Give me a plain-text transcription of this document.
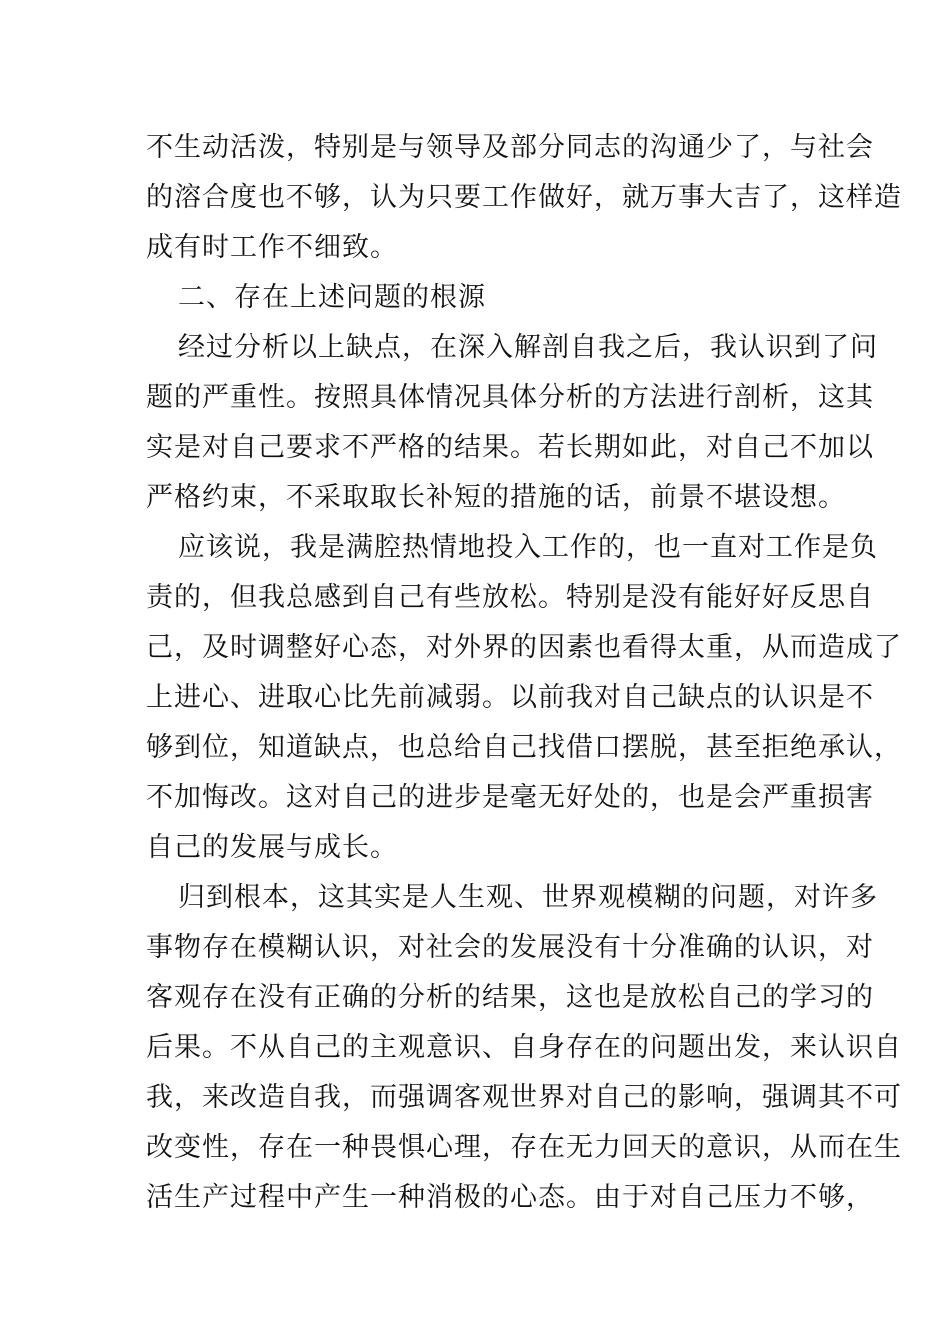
不生动活泼，特别是与领导及部分同志的沟通少了，与社会
的溶合度也不够，认为只要工作做好，就万事大吉了，这样造
成有时工作不细致。
二、存在上述问题的根源
经过分析以上缺点，在深入解剖自我之后，我认识到了问
题的严重性。按照具体情况具体分析的方法进行剖析，这其
实是对自己要求不严格的结果。若长期如此，对自己不加以
严格约束，不采取取长补短的措施的话，前景不堪设想。
应该说，我是满腔热情地投入工作的，也一直对工作是负
责的，但我总感到自己有些放松。特别是没有能好好反思自
己，及时调整好心态，对外界的因素也看得太重，从而造成了
上进心、进取心比先前减弱。以前我对自己缺点的认识是不
够到位，知道缺点，也总给自己找借口摆脱，甚至拒绝承认，
不加悔改。这对自己的进步是毫无好处的，也是会严重损害
自己的发展与成长。
归到根本，这其实是人生观、世界观模糊的问题，对许多
事物存在模糊认识，对社会的发展没有十分准确的认识，对
客观存在没有正确的分析的结果，这也是放松自己的学习的
后果。不从自己的主观意识、自身存在的问题出发，来认识自
我，来改造自我，而强调客观世界对自己的影响，强调其不可
改变性，存在一种畏惧心理，存在无力回天的意识，从而在生
活生产过程中产生一种消极的心态。由于对自己压力不够，
